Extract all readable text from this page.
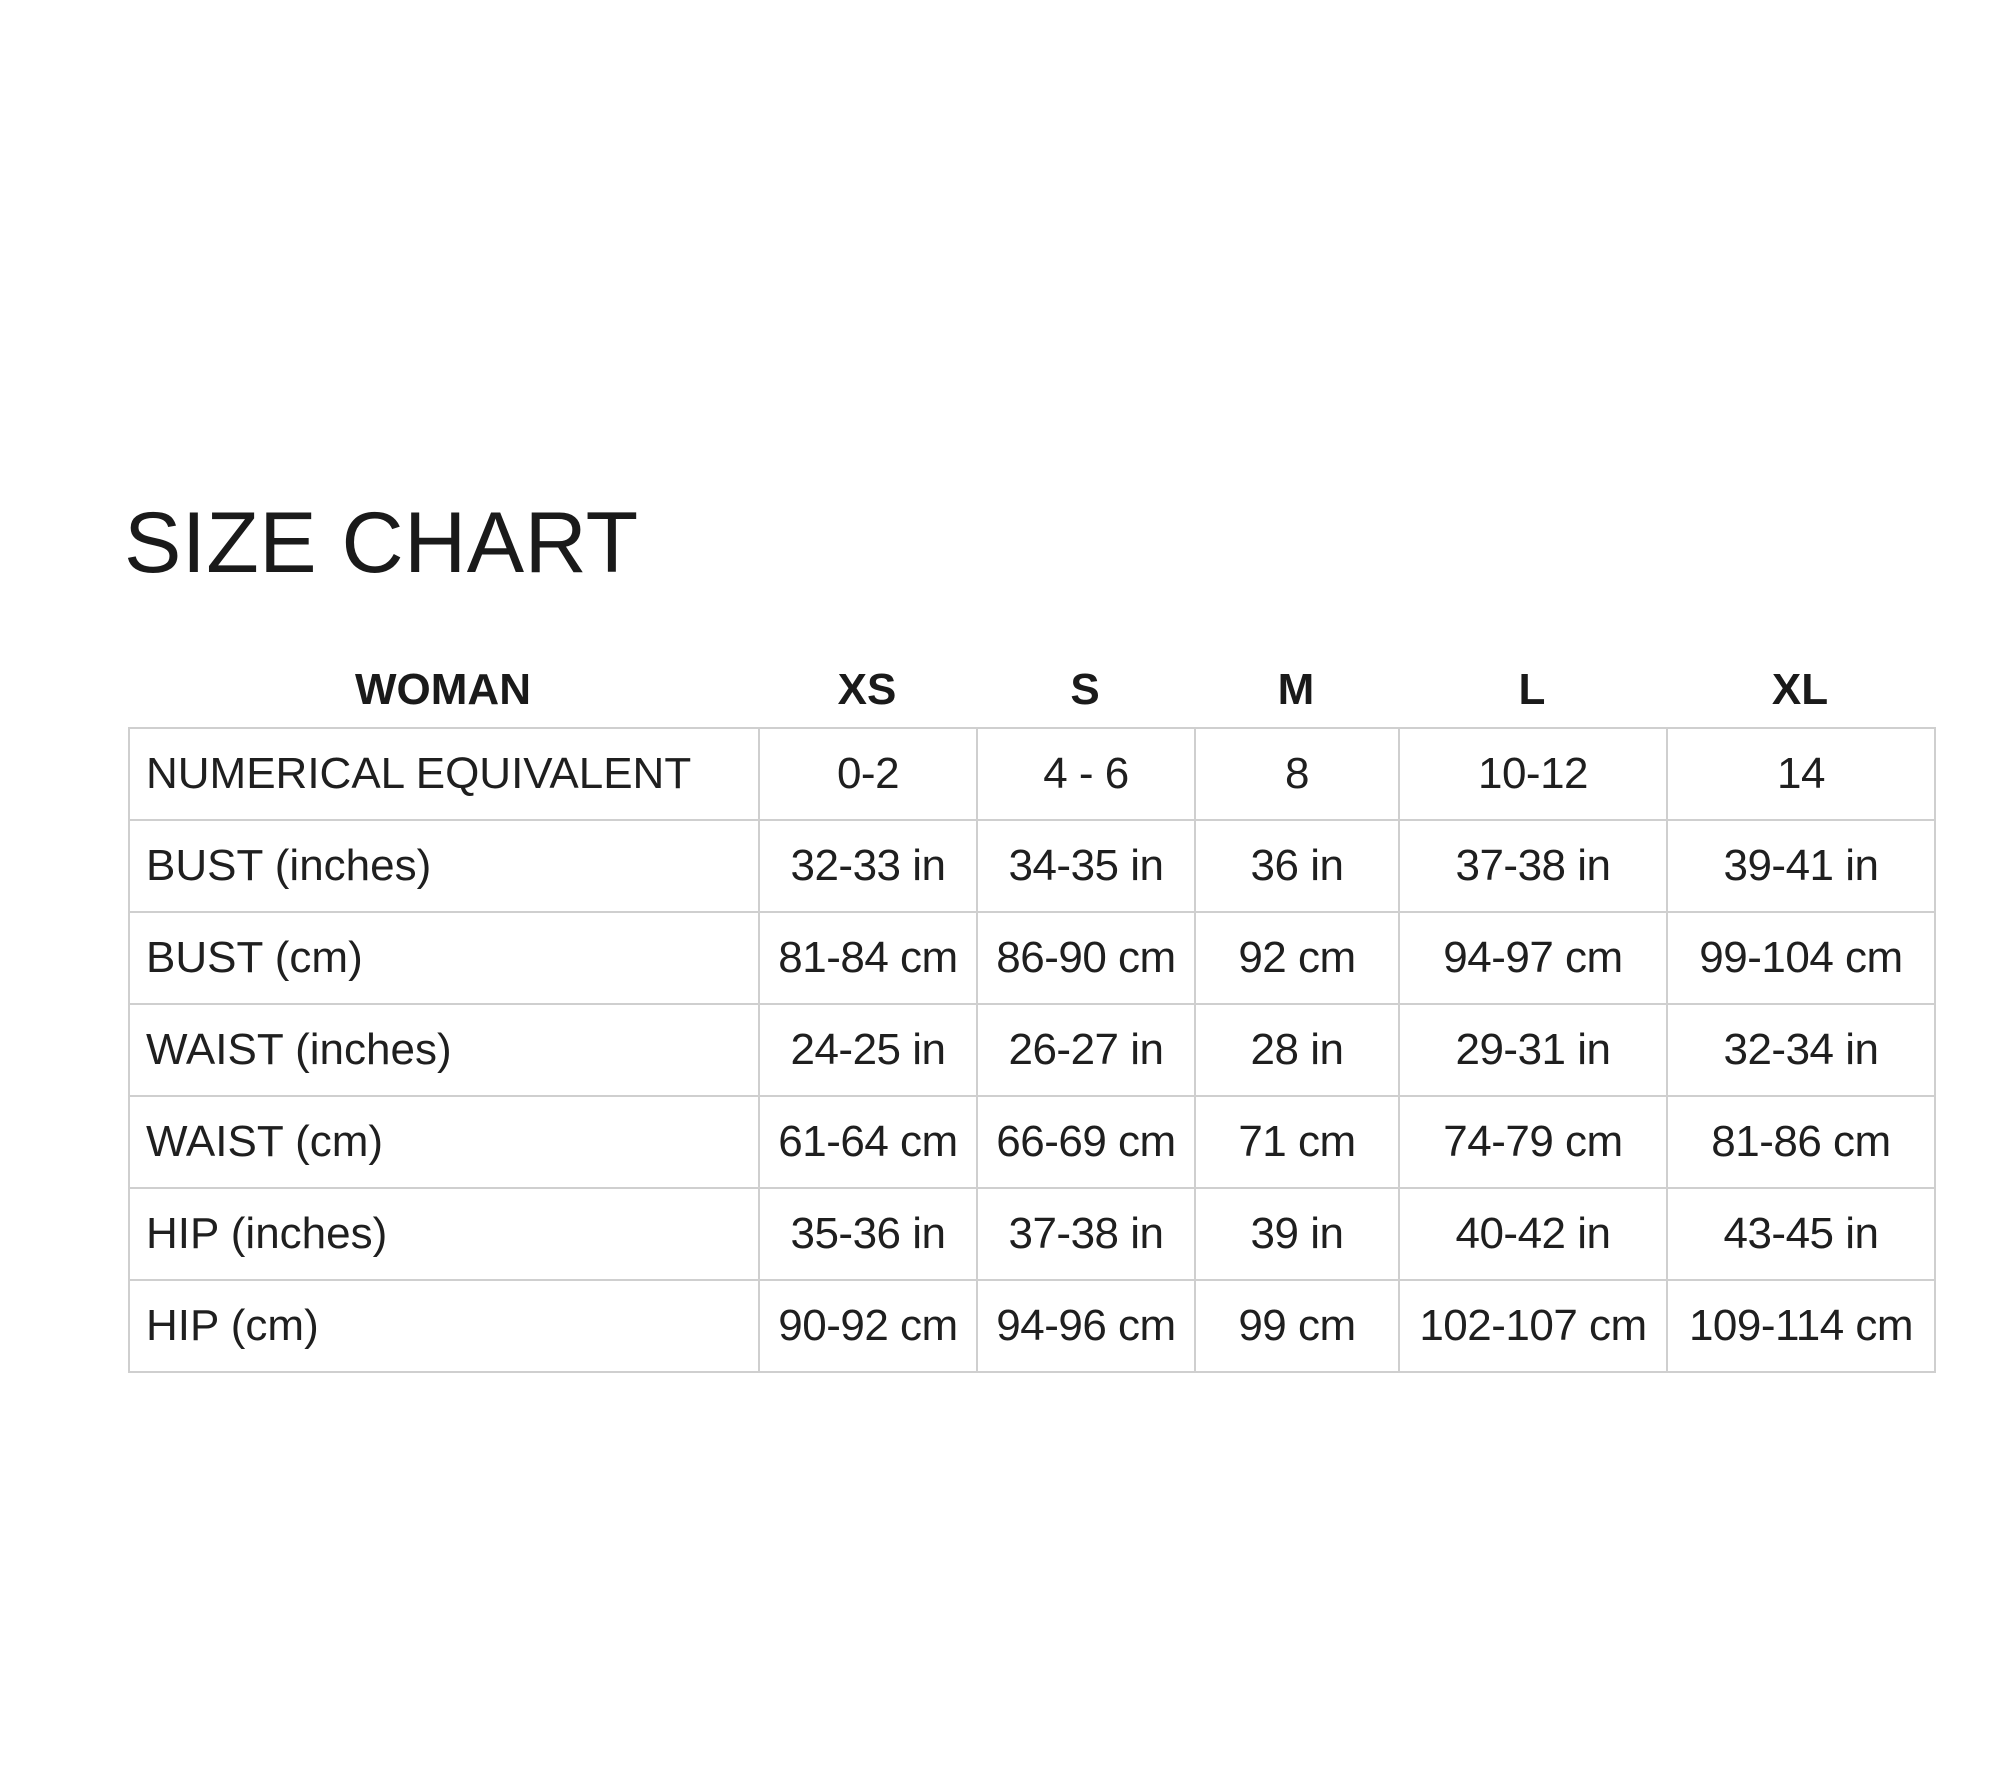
SIZE CHART
WOMAN	XS	S	M	L	XL
NUMERICAL EQUIVALENT	0-2	4 - 6	8	10-12	14
BUST (inches)	32-33 in	34-35 in	36 in	37-38 in	39-41 in
BUST (cm)	81-84 cm	86-90 cm	92 cm	94-97 cm	99-104 cm
WAIST (inches)	24-25 in	26-27 in	28 in	29-31 in	32-34 in
WAIST (cm)	61-64 cm	66-69 cm	71 cm	74-79 cm	81-86 cm
HIP (inches)	35-36 in	37-38 in	39 in	40-42 in	43-45 in
HIP (cm)	90-92 cm	94-96 cm	99 cm	102-107 cm	109-114 cm
